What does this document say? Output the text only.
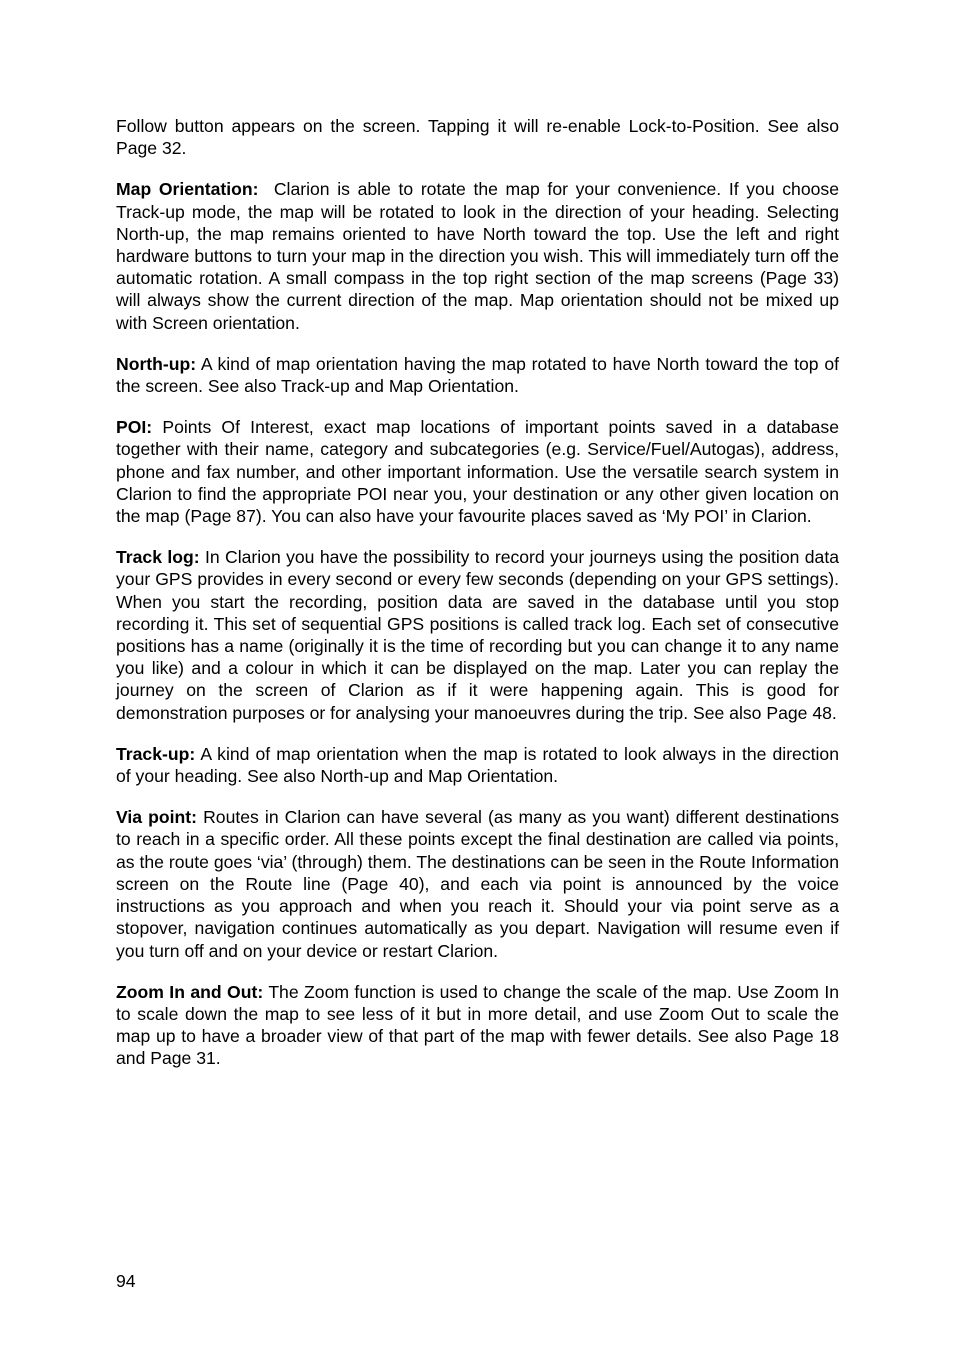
Follow button appears on the screen. Tapping it will re-enable Lock-to-Position. See also Page 32.

Map Orientation: Clarion is able to rotate the map for your convenience. If you choose Track-up mode, the map will be rotated to look in the direction of your heading. Selecting North-up, the map remains oriented to have North toward the top. Use the left and right hardware buttons to turn your map in the direction you wish. This will immediately turn off the automatic rotation. A small compass in the top right section of the map screens (Page 33) will always show the current direction of the map. Map orientation should not be mixed up with Screen orientation.

North-up: A kind of map orientation having the map rotated to have North toward the top of the screen. See also Track-up and Map Orientation.

POI: Points Of Interest, exact map locations of important points saved in a database together with their name, category and subcategories (e.g. Service/Fuel/Autogas), address, phone and fax number, and other important information. Use the versatile search system in Clarion to find the appropriate POI near you, your destination or any other given location on the map (Page 87). You can also have your favourite places saved as ‘My POI’ in Clarion.

Track log: In Clarion you have the possibility to record your journeys using the position data your GPS provides in every second or every few seconds (depending on your GPS settings). When you start the recording, position data are saved in the database until you stop recording it. This set of sequential GPS positions is called track log. Each set of consecutive positions has a name (originally it is the time of recording but you can change it to any name you like) and a colour in which it can be displayed on the map. Later you can replay the journey on the screen of Clarion as if it were happening again. This is good for demonstration purposes or for analysing your manoeuvres during the trip. See also Page 48.

Track-up: A kind of map orientation when the map is rotated to look always in the direction of your heading. See also North-up and Map Orientation.

Via point: Routes in Clarion can have several (as many as you want) different destinations to reach in a specific order. All these points except the final destination are called via points, as the route goes ‘via’ (through) them. The destinations can be seen in the Route Information screen on the Route line (Page 40), and each via point is announced by the voice instructions as you approach and when you reach it. Should your via point serve as a stopover, navigation continues automatically as you depart. Navigation will resume even if you turn off and on your device or restart Clarion.

Zoom In and Out: The Zoom function is used to change the scale of the map. Use Zoom In to scale down the map to see less of it but in more detail, and use Zoom Out to scale the map up to have a broader view of that part of the map with fewer details. See also Page 18 and Page 31.

94
